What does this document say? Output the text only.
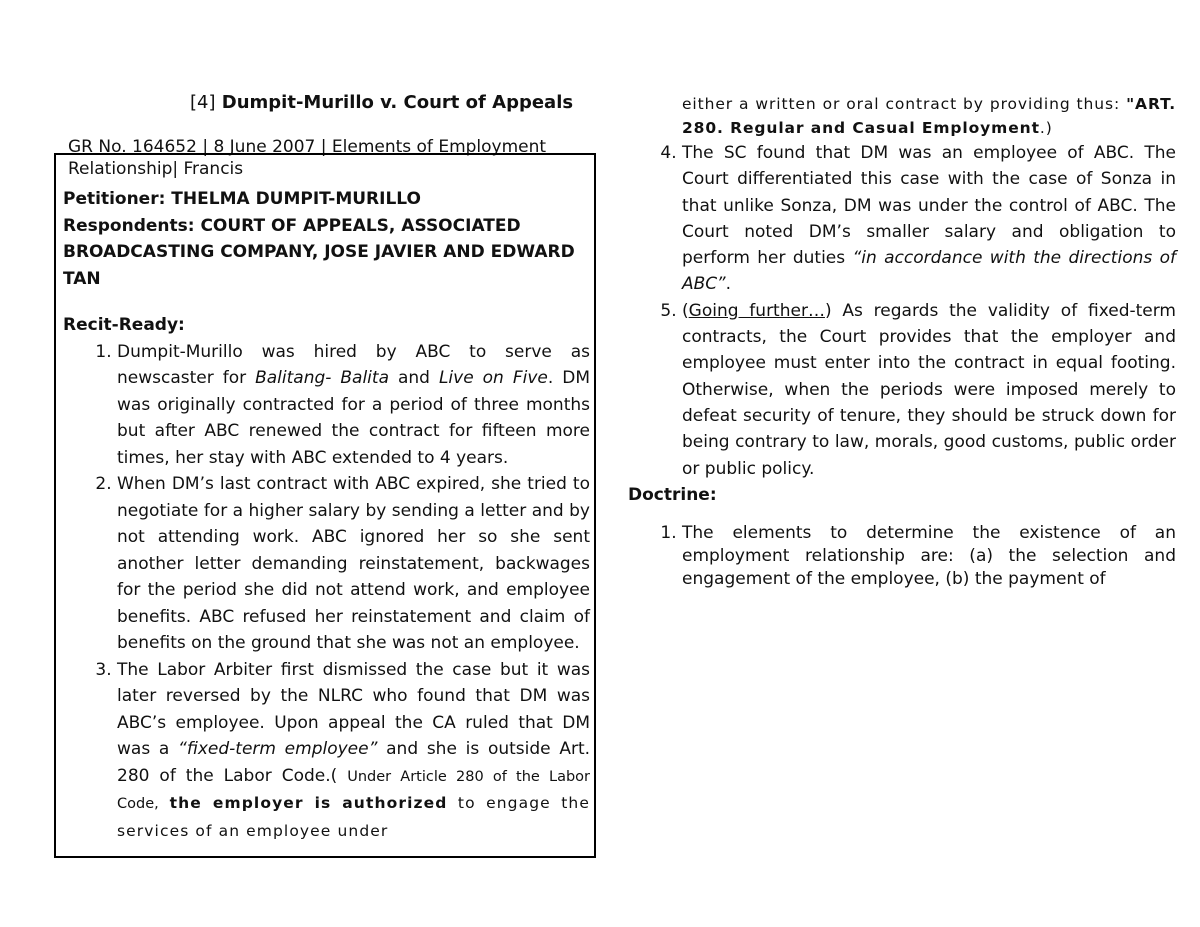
[4] Dumpit-Murillo v. Court of Appeals
GR No. 164652 | 8 June 2007 | Elements of Employment Relationship| Francis
Petitioner: THELMA DUMPIT-MURILLO
Respondents: COURT OF APPEALS, ASSOCIATED BROADCASTING COMPANY, JOSE JAVIER AND EDWARD TAN
Recit-Ready:
1. Dumpit-Murillo was hired by ABC to serve as newscaster for Balitang- Balita and Live on Five. DM was originally contracted for a period of three months but after ABC renewed the contract for fifteen more times, her stay with ABC extended to 4 years.
2. When DM’s last contract with ABC expired, she tried to negotiate for a higher salary by sending a letter and by not attending work. ABC ignored her so she sent another letter demanding reinstatement, backwages for the period she did not attend work, and employee benefits. ABC refused her reinstatement and claim of benefits on the ground that she was not an employee.
3. The Labor Arbiter first dismissed the case but it was later reversed by the NLRC who found that DM was ABC’s employee. Upon appeal the CA ruled that DM was a “fixed-term employee” and she is outside Art. 280 of the Labor Code.( Under Article 280 of the Labor Code, the employer is authorized to engage the services of an employee under
either a written or oral contract by providing thus: "ART. 280. Regular and Casual Employment.)
4. The SC found that DM was an employee of ABC. The Court differentiated this case with the case of Sonza in that unlike Sonza, DM was under the control of ABC. The Court noted DM’s smaller salary and obligation to perform her duties “in accordance with the directions of ABC”.
5. (Going further…) As regards the validity of fixed-term contracts, the Court provides that the employer and employee must enter into the contract in equal footing. Otherwise, when the periods were imposed merely to defeat security of tenure, they should be struck down for being contrary to law, morals, good customs, public order or public policy.
Doctrine:
1. The elements to determine the existence of an employment relationship are: (a) the selection and engagement of the employee, (b) the payment of
